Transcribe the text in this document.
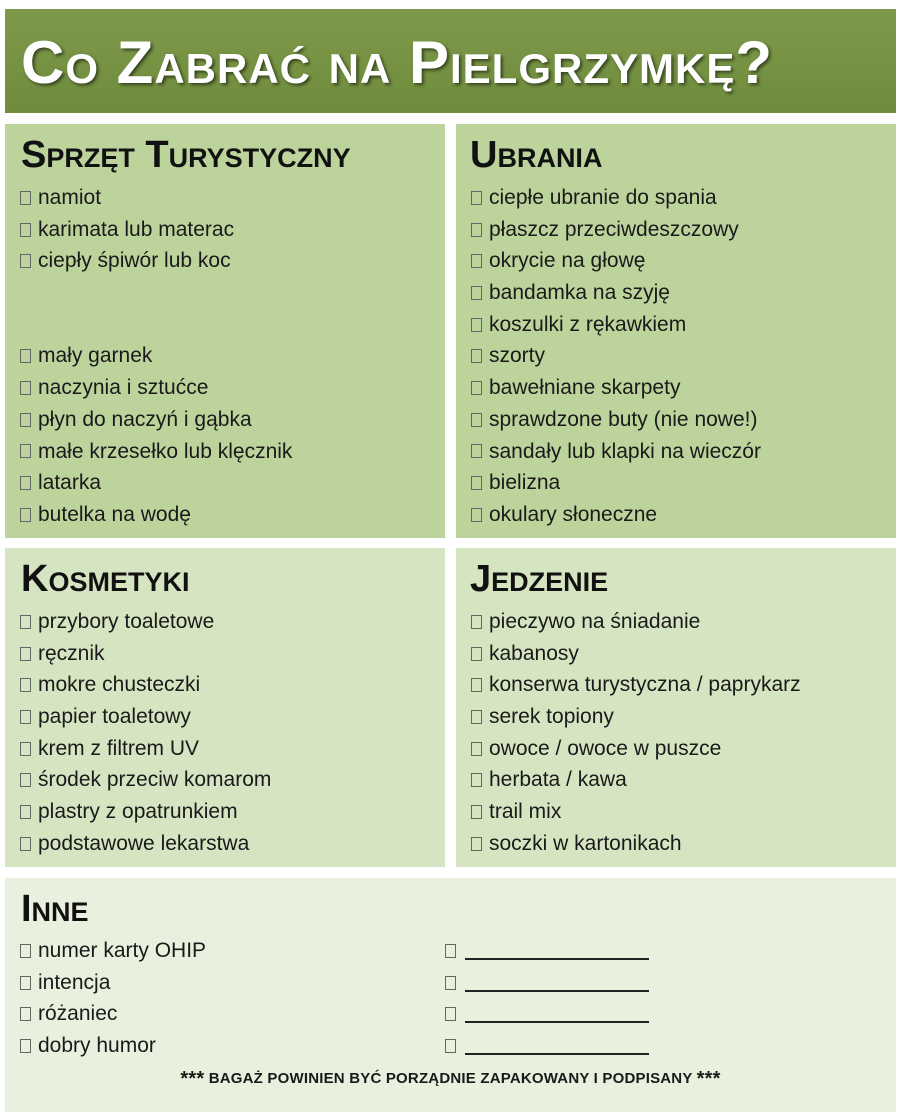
Co Zabrać na Pielgrzymkę?
Sprzęt Turystyczny
namiot
karimata lub materac
ciepły śpiwór lub koc
mały garnek
naczynia i sztućce
płyn do naczyń i gąbka
małe krzesełko lub klęcznik
latarka
butelka na wodę
Ubrania
ciepłe ubranie do spania
płaszcz przeciwdeszczowy
okrycie na głowę
bandamka na szyję
koszulki z rękawkiem
szorty
bawełniane skarpety
sprawdzone buty (nie nowe!)
sandały lub klapki na wieczór
bielizna
okulary słoneczne
Kosmetyki
przybory toaletowe
ręcznik
mokre chusteczki
papier toaletowy
krem z filtrem UV
środek przeciw komarom
plastry z opatrunkiem
podstawowe lekarstwa
Jedzenie
pieczywo na śniadanie
kabanosy
konserwa turystyczna / paprykarz
serek topiony
owoce / owoce w puszce
herbata / kawa
trail mix
soczki w kartonikach
Inne
numer karty OHIP
intencja
różaniec
dobry humor
*** BAGAŻ POWINIEN BYĆ PORZĄDNIE ZAPAKOWANY I PODPISANY ***
